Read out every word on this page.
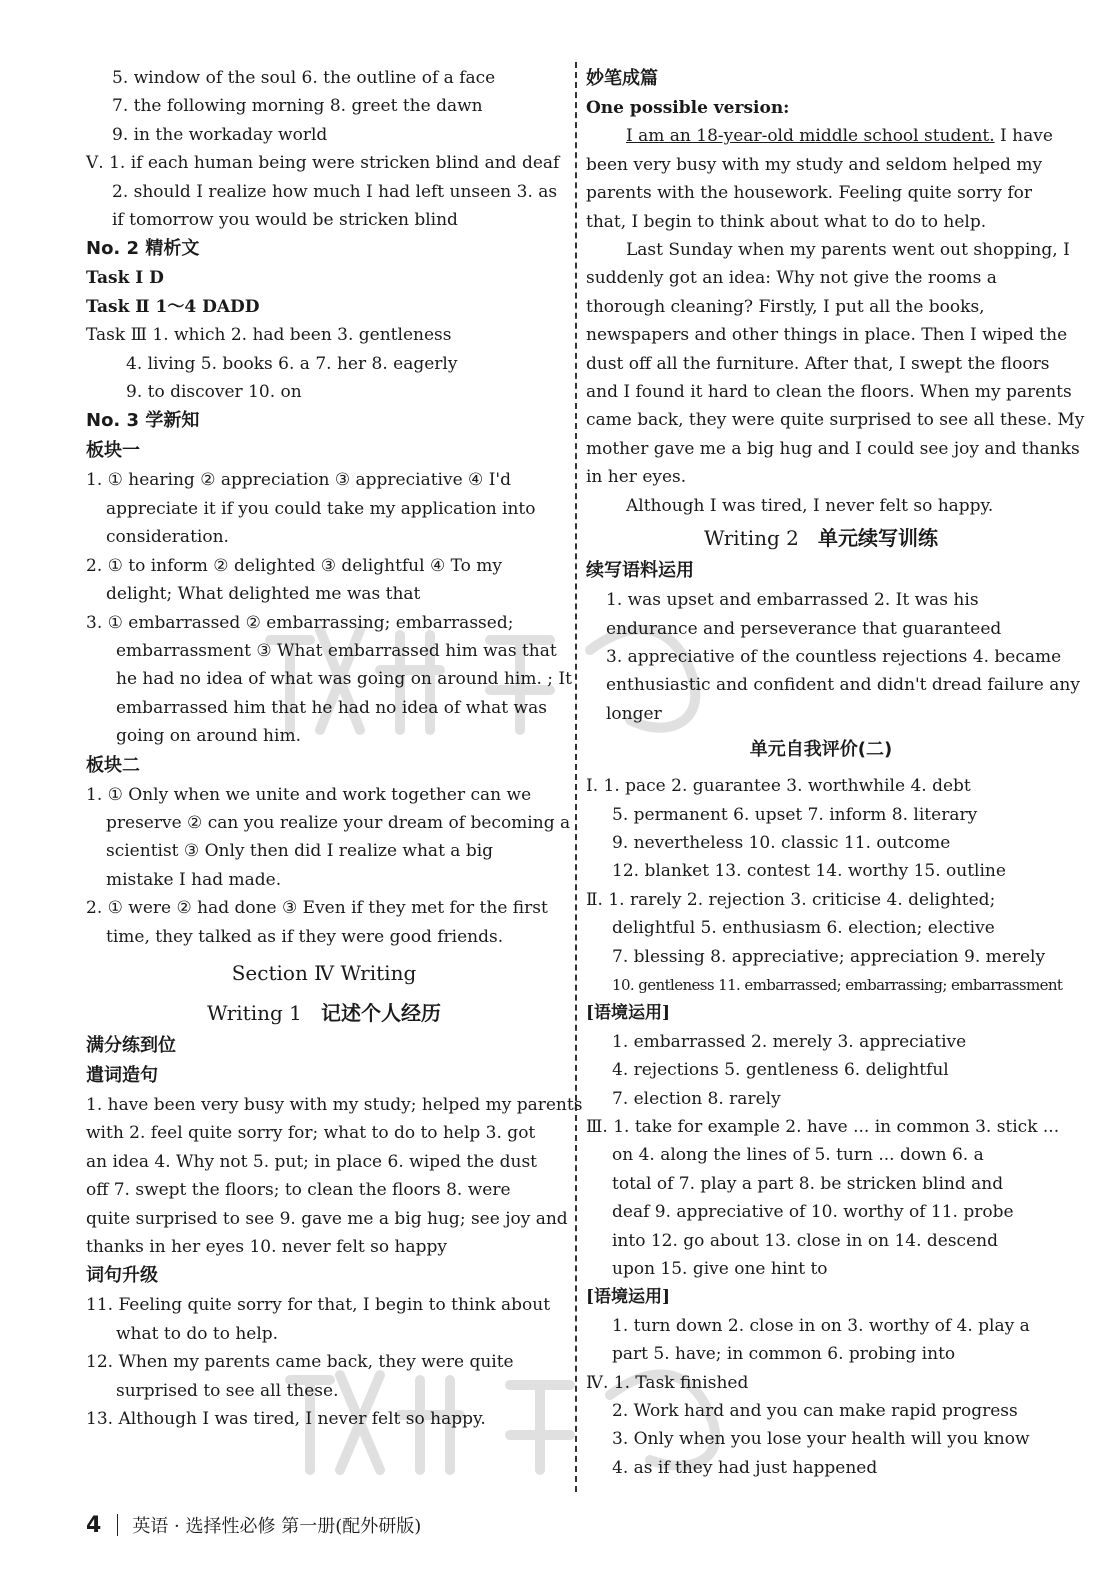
5. window of the soul 6. the outline of a face
7. the following morning 8. greet the dawn
9. in the workaday world
Ⅴ. 1. if each human being were stricken blind and deaf
2. should I realize how much I had left unseen 3. as
if tomorrow you would be stricken blind
No. 2 精析文
Task Ⅰ D
Task Ⅱ 1～4 DADD
Task Ⅲ 1. which 2. had been 3. gentleness
4. living 5. books 6. a 7. her 8. eagerly
9. to discover 10. on
No. 3 学新知
板块一
1. ① hearing ② appreciation ③ appreciative ④ I'd
appreciate it if you could take my application into
consideration.
2. ① to inform ② delighted ③ delightful ④ To my
delight; What delighted me was that
3. ① embarrassed ② embarrassing; embarrassed;
embarrassment ③ What embarrassed him was that
he had no idea of what was going on around him. ; It
embarrassed him that he had no idea of what was
going on around him.
板块二
1. ① Only when we unite and work together can we
preserve ② can you realize your dream of becoming a
scientist ③ Only then did I realize what a big
mistake I had made.
2. ① were ② had done ③ Even if they met for the first
time, they talked as if they were good friends.
Section Ⅳ Writing
Writing 1 记述个人经历
满分练到位
遣词造句
1. have been very busy with my study; helped my parents
with 2. feel quite sorry for; what to do to help 3. got
an idea 4. Why not 5. put; in place 6. wiped the dust
off 7. swept the floors; to clean the floors 8. were
quite surprised to see 9. gave me a big hug; see joy and
thanks in her eyes 10. never felt so happy
词句升级
11. Feeling quite sorry for that, I begin to think about
what to do to help.
12. When my parents came back, they were quite
surprised to see all these.
13. Although I was tired, I never felt so happy.
妙笔成篇
One possible version:
I am an 18-year-old middle school student. I have
been very busy with my study and seldom helped my
parents with the housework. Feeling quite sorry for
that, I begin to think about what to do to help.
Last Sunday when my parents went out shopping, I
suddenly got an idea: Why not give the rooms a
thorough cleaning? Firstly, I put all the books,
newspapers and other things in place. Then I wiped the
dust off all the furniture. After that, I swept the floors
and I found it hard to clean the floors. When my parents
came back, they were quite surprised to see all these. My
mother gave me a big hug and I could see joy and thanks
in her eyes.
Although I was tired, I never felt so happy.
Writing 2 单元续写训练
续写语料运用
1. was upset and embarrassed 2. It was his
endurance and perseverance that guaranteed
3. appreciative of the countless rejections 4. became
enthusiastic and confident and didn't dread failure any
longer
单元自我评价(二)
Ⅰ. 1. pace 2. guarantee 3. worthwhile 4. debt
5. permanent 6. upset 7. inform 8. literary
9. nevertheless 10. classic 11. outcome
12. blanket 13. contest 14. worthy 15. outline
Ⅱ. 1. rarely 2. rejection 3. criticise 4. delighted;
delightful 5. enthusiasm 6. election; elective
7. blessing 8. appreciative; appreciation 9. merely
10. gentleness 11. embarrassed; embarrassing; embarrassment
[语境运用]
1. embarrassed 2. merely 3. appreciative
4. rejections 5. gentleness 6. delightful
7. election 8. rarely
Ⅲ. 1. take for example 2. have ... in common 3. stick ...
on 4. along the lines of 5. turn ... down 6. a
total of 7. play a part 8. be stricken blind and
deaf 9. appreciative of 10. worthy of 11. probe
into 12. go about 13. close in on 14. descend
upon 15. give one hint to
[语境运用]
1. turn down 2. close in on 3. worthy of 4. play a
part 5. have; in common 6. probing into
Ⅳ. 1. Task finished
2. Work hard and you can make rapid progress
3. Only when you lose your health will you know
4. as if they had just happened
4 英语 · 选择性必修 第一册(配外研版)
